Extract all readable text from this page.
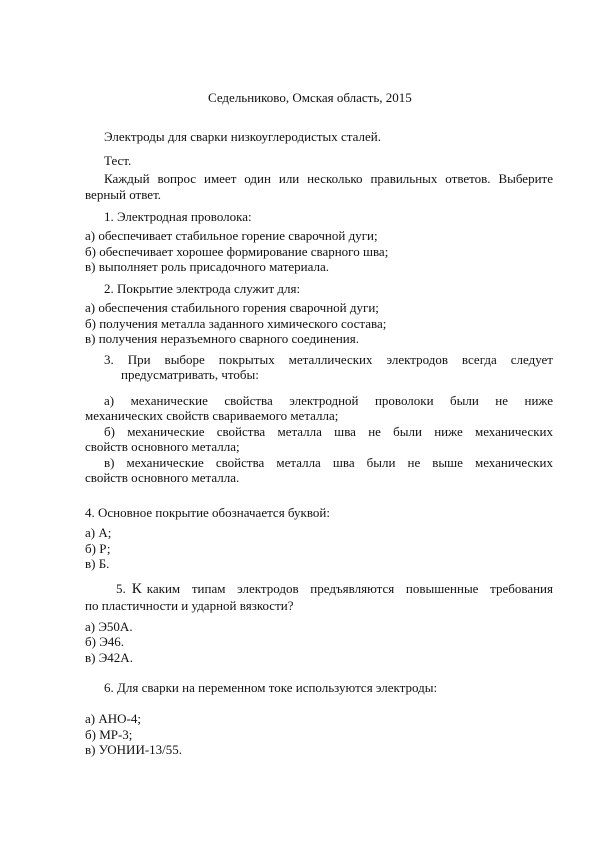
Седельниково, Омская область, 2015
Электроды для сварки низкоуглеродистых сталей.
Тест.
Каждый вопрос имеет один или несколько правильных ответов. Выберите
верный ответ.
1. Электродная проволока:
а) обеспечивает стабильное горение сварочной дуги;
б) обеспечивает хорошее формирование сварного шва;
в) выполняет роль присадочного материала.
2. Покрытие электрода служит для:
а) обеспечения стабильного горения сварочной дуги;
б) получения металла заданного химического состава;
в) получения неразъемного сварного соединения.
3. При выборе покрытых металлических электродов всегда следует
предусматривать, чтобы:
а) механические свойства электродной проволоки были не ниже
механических свойств свариваемого металла;
б) механические свойства металла шва не были ниже механических
свойств основного металла;
в) механические свойства металла шва были не выше механических
свойств основного металла.
4. Основное покрытие обозначается буквой:
а) А;
б) Р;
в) Б.
5. К каким типам электродов предъявляются повышенные требования
по пластичности и ударной вязкости?
а) Э50А.
б) Э46.
в) Э42А.
6. Для сварки на переменном токе используются электроды:
а) АНО-4;
б) МР-3;
в) УОНИИ-13/55.
